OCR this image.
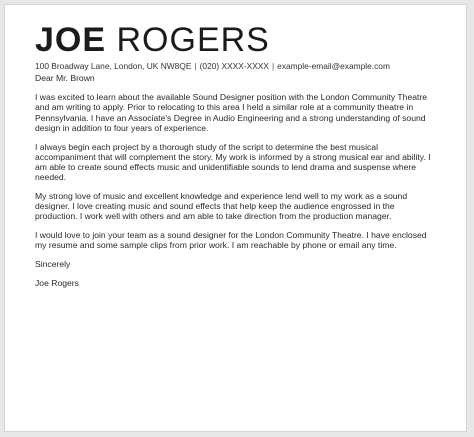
JOE ROGERS
100 Broadway Lane, London, UK NW8QE | (020) XXXX-XXXX | example-email@example.com

Dear Mr. Brown

I was excited to learn about the available Sound Designer position with the London Community Theatre and am writing to apply. Prior to relocating to this area I held a similar role at a community theatre in Pennsylvania. I have an Associate's Degree in Audio Engineering and a strong understanding of sound design in addition to four years of experience.

I always begin each project by a thorough study of the script to determine the best musical accompaniment that will complement the story. My work is informed by a strong musical ear and ability. I am able to create sound effects music and unidentifiable sounds to lend drama and suspense where needed.

My strong love of music and excellent knowledge and experience lend well to my work as a sound designer. I love creating music and sound effects that help keep the audience engrossed in the production. I work well with others and am able to take direction from the production manager.

I would love to join your team as a sound designer for the London Community Theatre. I have enclosed my resume and some sample clips from prior work. I am reachable by phone or email any time.

Sincerely

Joe Rogers
